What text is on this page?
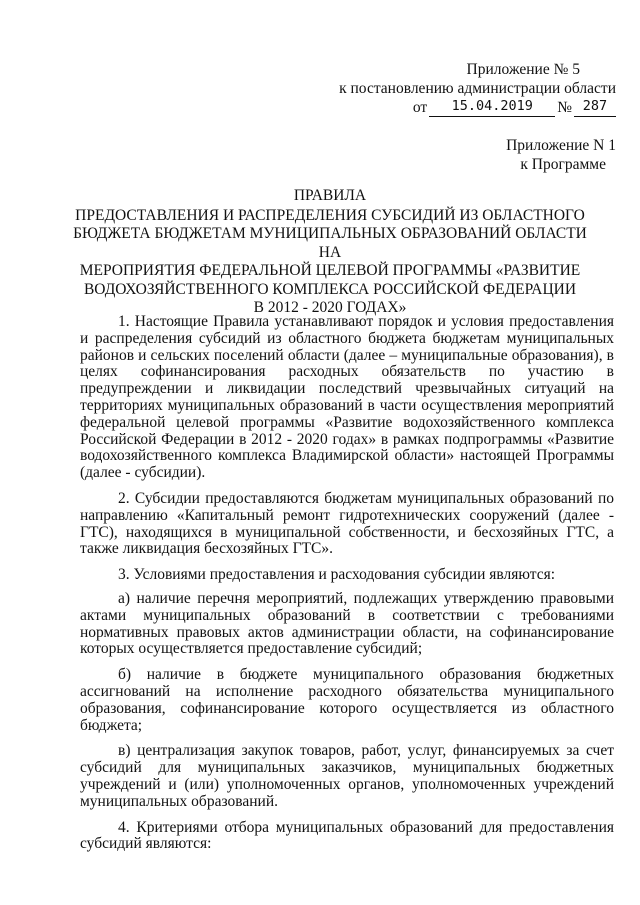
Приложение № 5
к постановлению администрации области
от	15.04.2019	№ 287
Приложение N 1
к Программе
ПРАВИЛА
ПРЕДОСТАВЛЕНИЯ И РАСПРЕДЕЛЕНИЯ СУБСИДИЙ ИЗ ОБЛАСТНОГО
БЮДЖЕТА БЮДЖЕТАМ МУНИЦИПАЛЬНЫХ ОБРАЗОВАНИЙ ОБЛАСТИ НА
МЕРОПРИЯТИЯ ФЕДЕРАЛЬНОЙ ЦЕЛЕВОЙ ПРОГРАММЫ «РАЗВИТИЕ
ВОДОХОЗЯЙСТВЕННОГО КОМПЛЕКСА РОССИЙСКОЙ ФЕДЕРАЦИИ
В 2012 - 2020 ГОДАХ»

1. Настоящие Правила устанавливают порядок и условия предоставления и распределения субсидий из областного бюджета бюджетам муниципальных районов и сельских поселений области (далее – муниципальные образования), в целях софинансирования расходных обязательств по участию в предупреждении и ликвидации последствий чрезвычайных ситуаций на территориях муниципальных образований в части осуществления мероприятий федеральной целевой программы «Развитие водохозяйственного комплекса Российской Федерации в 2012 - 2020 годах» в рамках подпрограммы «Развитие водохозяйственного комплекса Владимирской области» настоящей Программы (далее - субсидии).

2. Субсидии предоставляются бюджетам муниципальных образований по направлению «Капитальный ремонт гидротехнических сооружений (далее - ГТС), находящихся в муниципальной собственности, и бесхозяйных ГТС, а также ликвидация бесхозяйных ГТС».

3. Условиями предоставления и расходования субсидии являются:

а) наличие перечня мероприятий, подлежащих утверждению правовыми актами муниципальных образований в соответствии с требованиями нормативных правовых актов администрации области, на софинансирование которых осуществляется предоставление субсидий;

б) наличие в бюджете муниципального образования бюджетных ассигнований на исполнение расходного обязательства муниципального образования, софинансирование которого осуществляется из областного бюджета;

в) централизация закупок товаров, работ, услуг, финансируемых за счет субсидий для муниципальных заказчиков, муниципальных бюджетных учреждений и (или) уполномоченных органов, уполномоченных учреждений муниципальных образований.

4. Критериями отбора муниципальных образований для предоставления субсидий являются:
